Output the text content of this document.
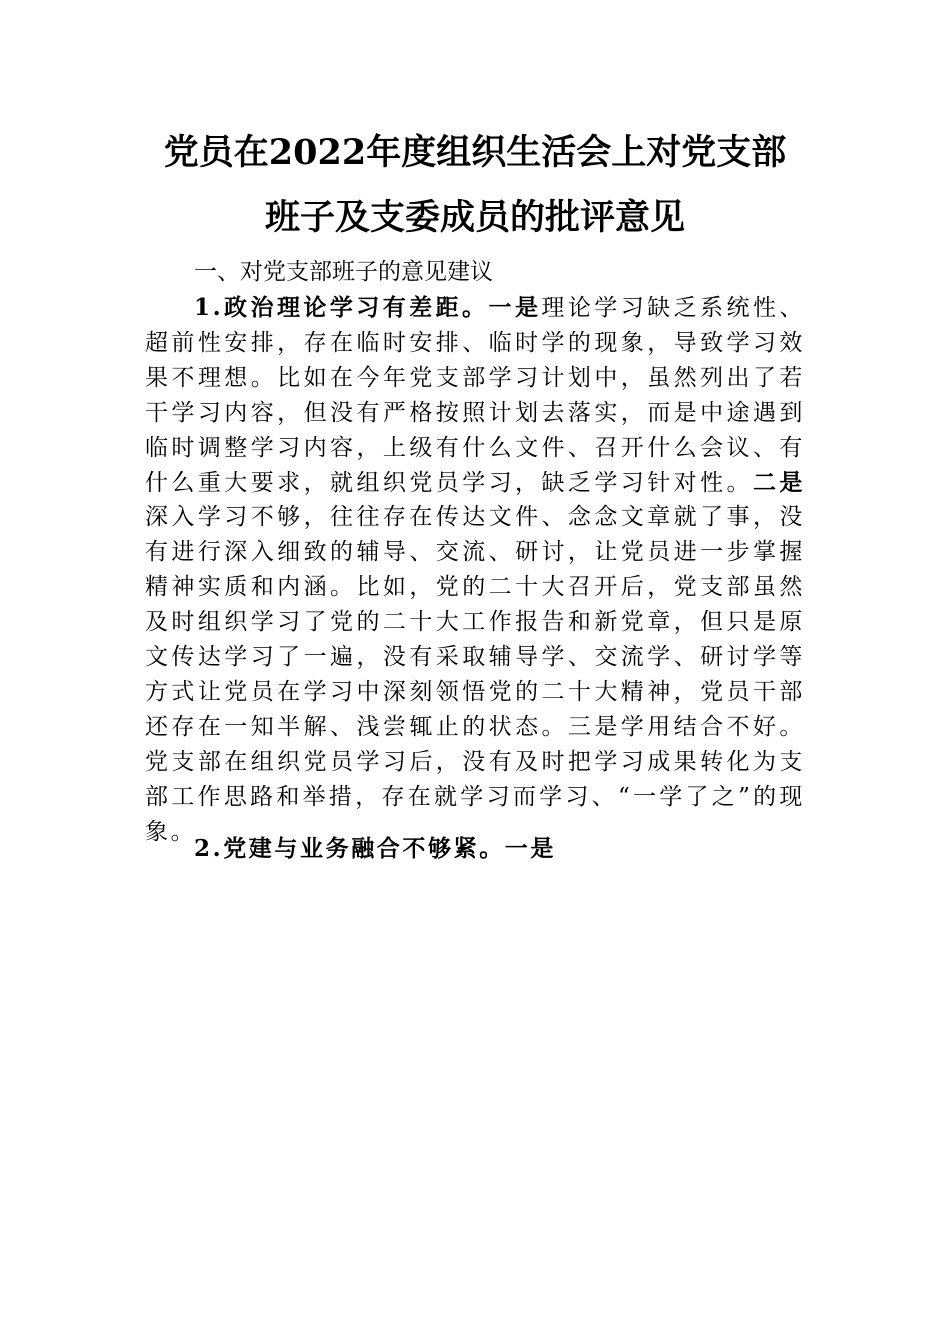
党员在2022年度组织生活会上对党支部
班子及支委成员的批评意见
一、对党支部班子的意见建议

1.政治理论学习有差距。一是理论学习缺乏系统性、超前性安排，存在临时安排、临时学的现象，导致学习效果不理想。比如在今年党支部学习计划中，虽然列出了若干学习内容，但没有严格按照计划去落实，而是中途遇到临时调整学习内容，上级有什么文件、召开什么会议、有什么重大要求，就组织党员学习，缺乏学习针对性。二是深入学习不够，往往存在传达文件、念念文章就了事，没有进行深入细致的辅导、交流、研讨，让党员进一步掌握精神实质和内涵。比如，党的二十大召开后，党支部虽然及时组织学习了党的二十大工作报告和新党章，但只是原文传达学习了一遍，没有采取辅导学、交流学、研讨学等方式让党员在学习中深刻领悟党的二十大精神，党员干部还存在一知半解、浅尝辄止的状态。三是学用结合不好。党支部在组织党员学习后，没有及时把学习成果转化为支部工作思路和举措，存在就学习而学习、“一学了之”的现象。

2.党建与业务融合不够紧。一是
